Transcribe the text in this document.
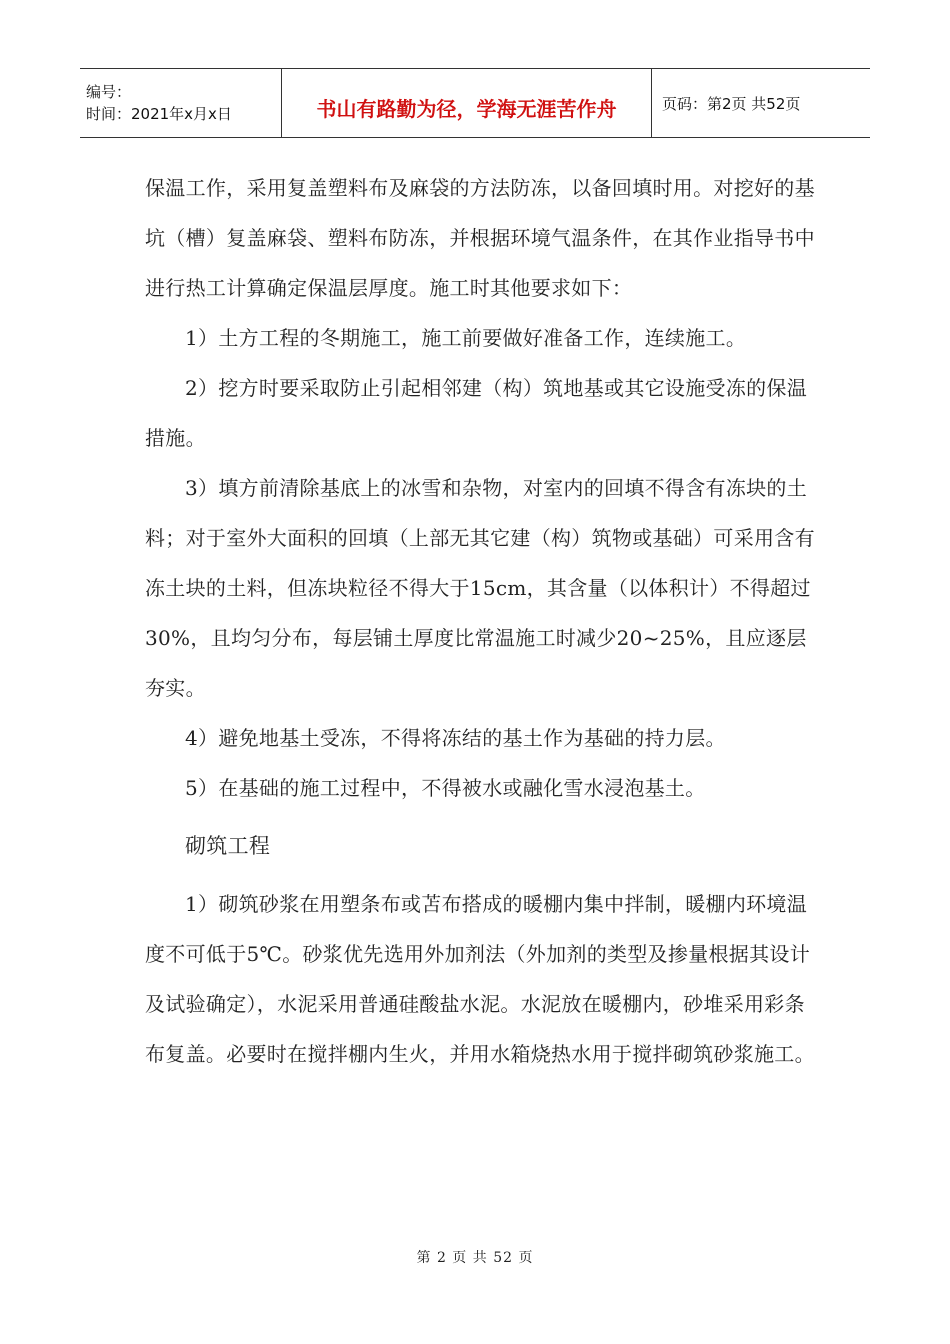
编号：
时间：2021年x月x日	书山有路勤为径，学海无涯苦作舟	页码：第2页 共52页

保温工作，采用复盖塑料布及麻袋的方法防冻，以备回填时用。对挖好的基坑（槽）复盖麻袋、塑料布防冻，并根据环境气温条件，在其作业指导书中进行热工计算确定保温层厚度。施工时其他要求如下：

1）土方工程的冬期施工，施工前要做好准备工作，连续施工。

2）挖方时要采取防止引起相邻建（构）筑地基或其它设施受冻的保温措施。

3）填方前清除基底上的冰雪和杂物，对室内的回填不得含有冻块的土料；对于室外大面积的回填（上部无其它建（构）筑物或基础）可采用含有冻土块的土料，但冻块粒径不得大于15cm，其含量（以体积计）不得超过30%，且均匀分布，每层铺土厚度比常温施工时减少20~25%，且应逐层夯实。

4）避免地基土受冻，不得将冻结的基土作为基础的持力层。

5）在基础的施工过程中，不得被水或融化雪水浸泡基土。

砌筑工程

1）砌筑砂浆在用塑条布或苫布搭成的暖棚内集中拌制，暖棚内环境温度不可低于5℃。砂浆优先选用外加剂法（外加剂的类型及掺量根据其设计及试验确定），水泥采用普通硅酸盐水泥。水泥放在暖棚内，砂堆采用彩条布复盖。必要时在搅拌棚内生火，并用水箱烧热水用于搅拌砌筑砂浆施工。

第 2 页 共 52 页
